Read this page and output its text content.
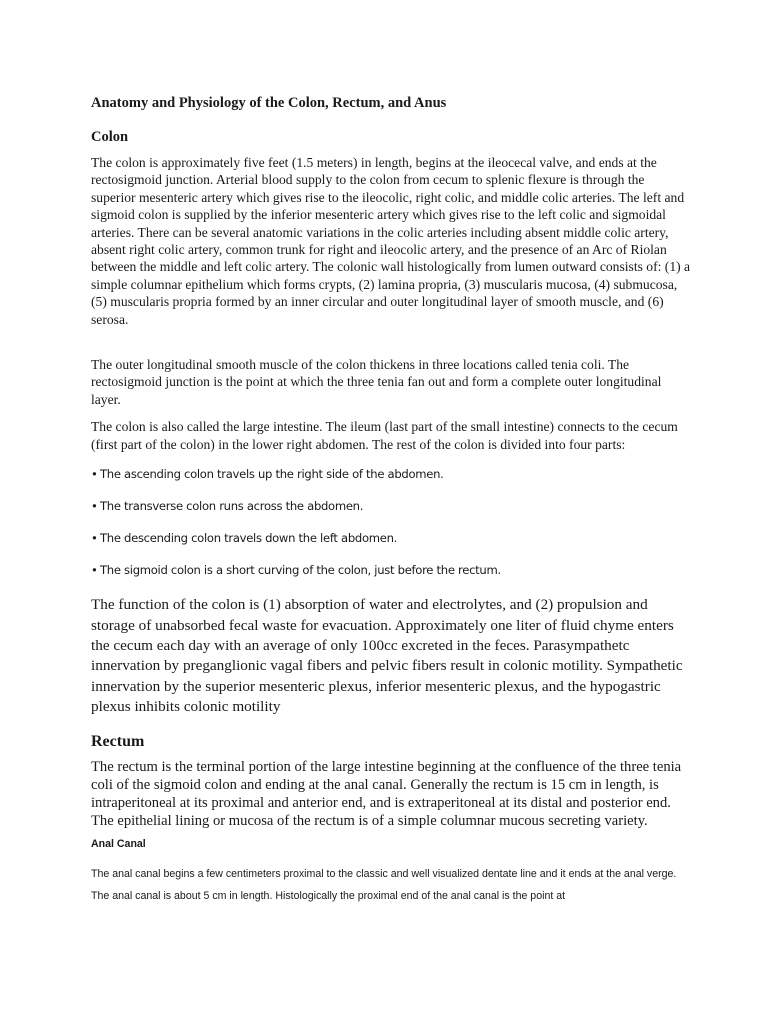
Anatomy and Physiology of the Colon, Rectum, and Anus
Colon

The colon is approximately five feet (1.5 meters) in length, begins at the ileocecal valve, and ends at the rectosigmoid junction. Arterial blood supply to the colon from cecum to splenic flexure is through the superior mesenteric artery which gives rise to the ileocolic, right colic, and middle colic arteries. The left and sigmoid colon is supplied by the inferior mesenteric artery which gives rise to the left colic and sigmoidal arteries. There can be several anatomic variations in the colic arteries including absent middle colic artery, absent right colic artery, common trunk for right and ileocolic artery, and the presence of an Arc of Riolan between the middle and left colic artery. The colonic wall histologically from lumen outward consists of: (1) a simple columnar epithelium which forms crypts, (2) lamina propria, (3) muscularis mucosa, (4) submucosa, (5) muscularis propria formed by an inner circular and outer longitudinal layer of smooth muscle, and (6) serosa.

The outer longitudinal smooth muscle of the colon thickens in three locations called tenia coli. The rectosigmoid junction is the point at which the three tenia fan out and form a complete outer longitudinal layer.

The colon is also called the large intestine. The ileum (last part of the small intestine) connects to the cecum (first part of the colon) in the lower right abdomen. The rest of the colon is divided into four parts:

• The ascending colon travels up the right side of the abdomen.
• The transverse colon runs across the abdomen.
• The descending colon travels down the left abdomen.
• The sigmoid colon is a short curving of the colon, just before the rectum.

The function of the colon is (1) absorption of water and electrolytes, and (2) propulsion and storage of unabsorbed fecal waste for evacuation. Approximately one liter of fluid chyme enters the cecum each day with an average of only 100cc excreted in the feces. Parasympathetc innervation by preganglionic vagal fibers and pelvic fibers result in colonic motility. Sympathetic innervation by the superior mesenteric plexus, inferior mesenteric plexus, and the hypogastric plexus inhibits colonic motility

Rectum

The rectum is the terminal portion of the large intestine beginning at the confluence of the three tenia coli of the sigmoid colon and ending at the anal canal. Generally the rectum is 15 cm in length, is intraperitoneal at its proximal and anterior end, and is extraperitoneal at its distal and posterior end. The epithelial lining or mucosa of the rectum is of a simple columnar mucous secreting variety.

Anal Canal

The anal canal begins a few centimeters proximal to the classic and well visualized dentate line and it ends at the anal verge. The anal canal is about 5 cm in length. Histologically the proximal end of the anal canal is the point at
